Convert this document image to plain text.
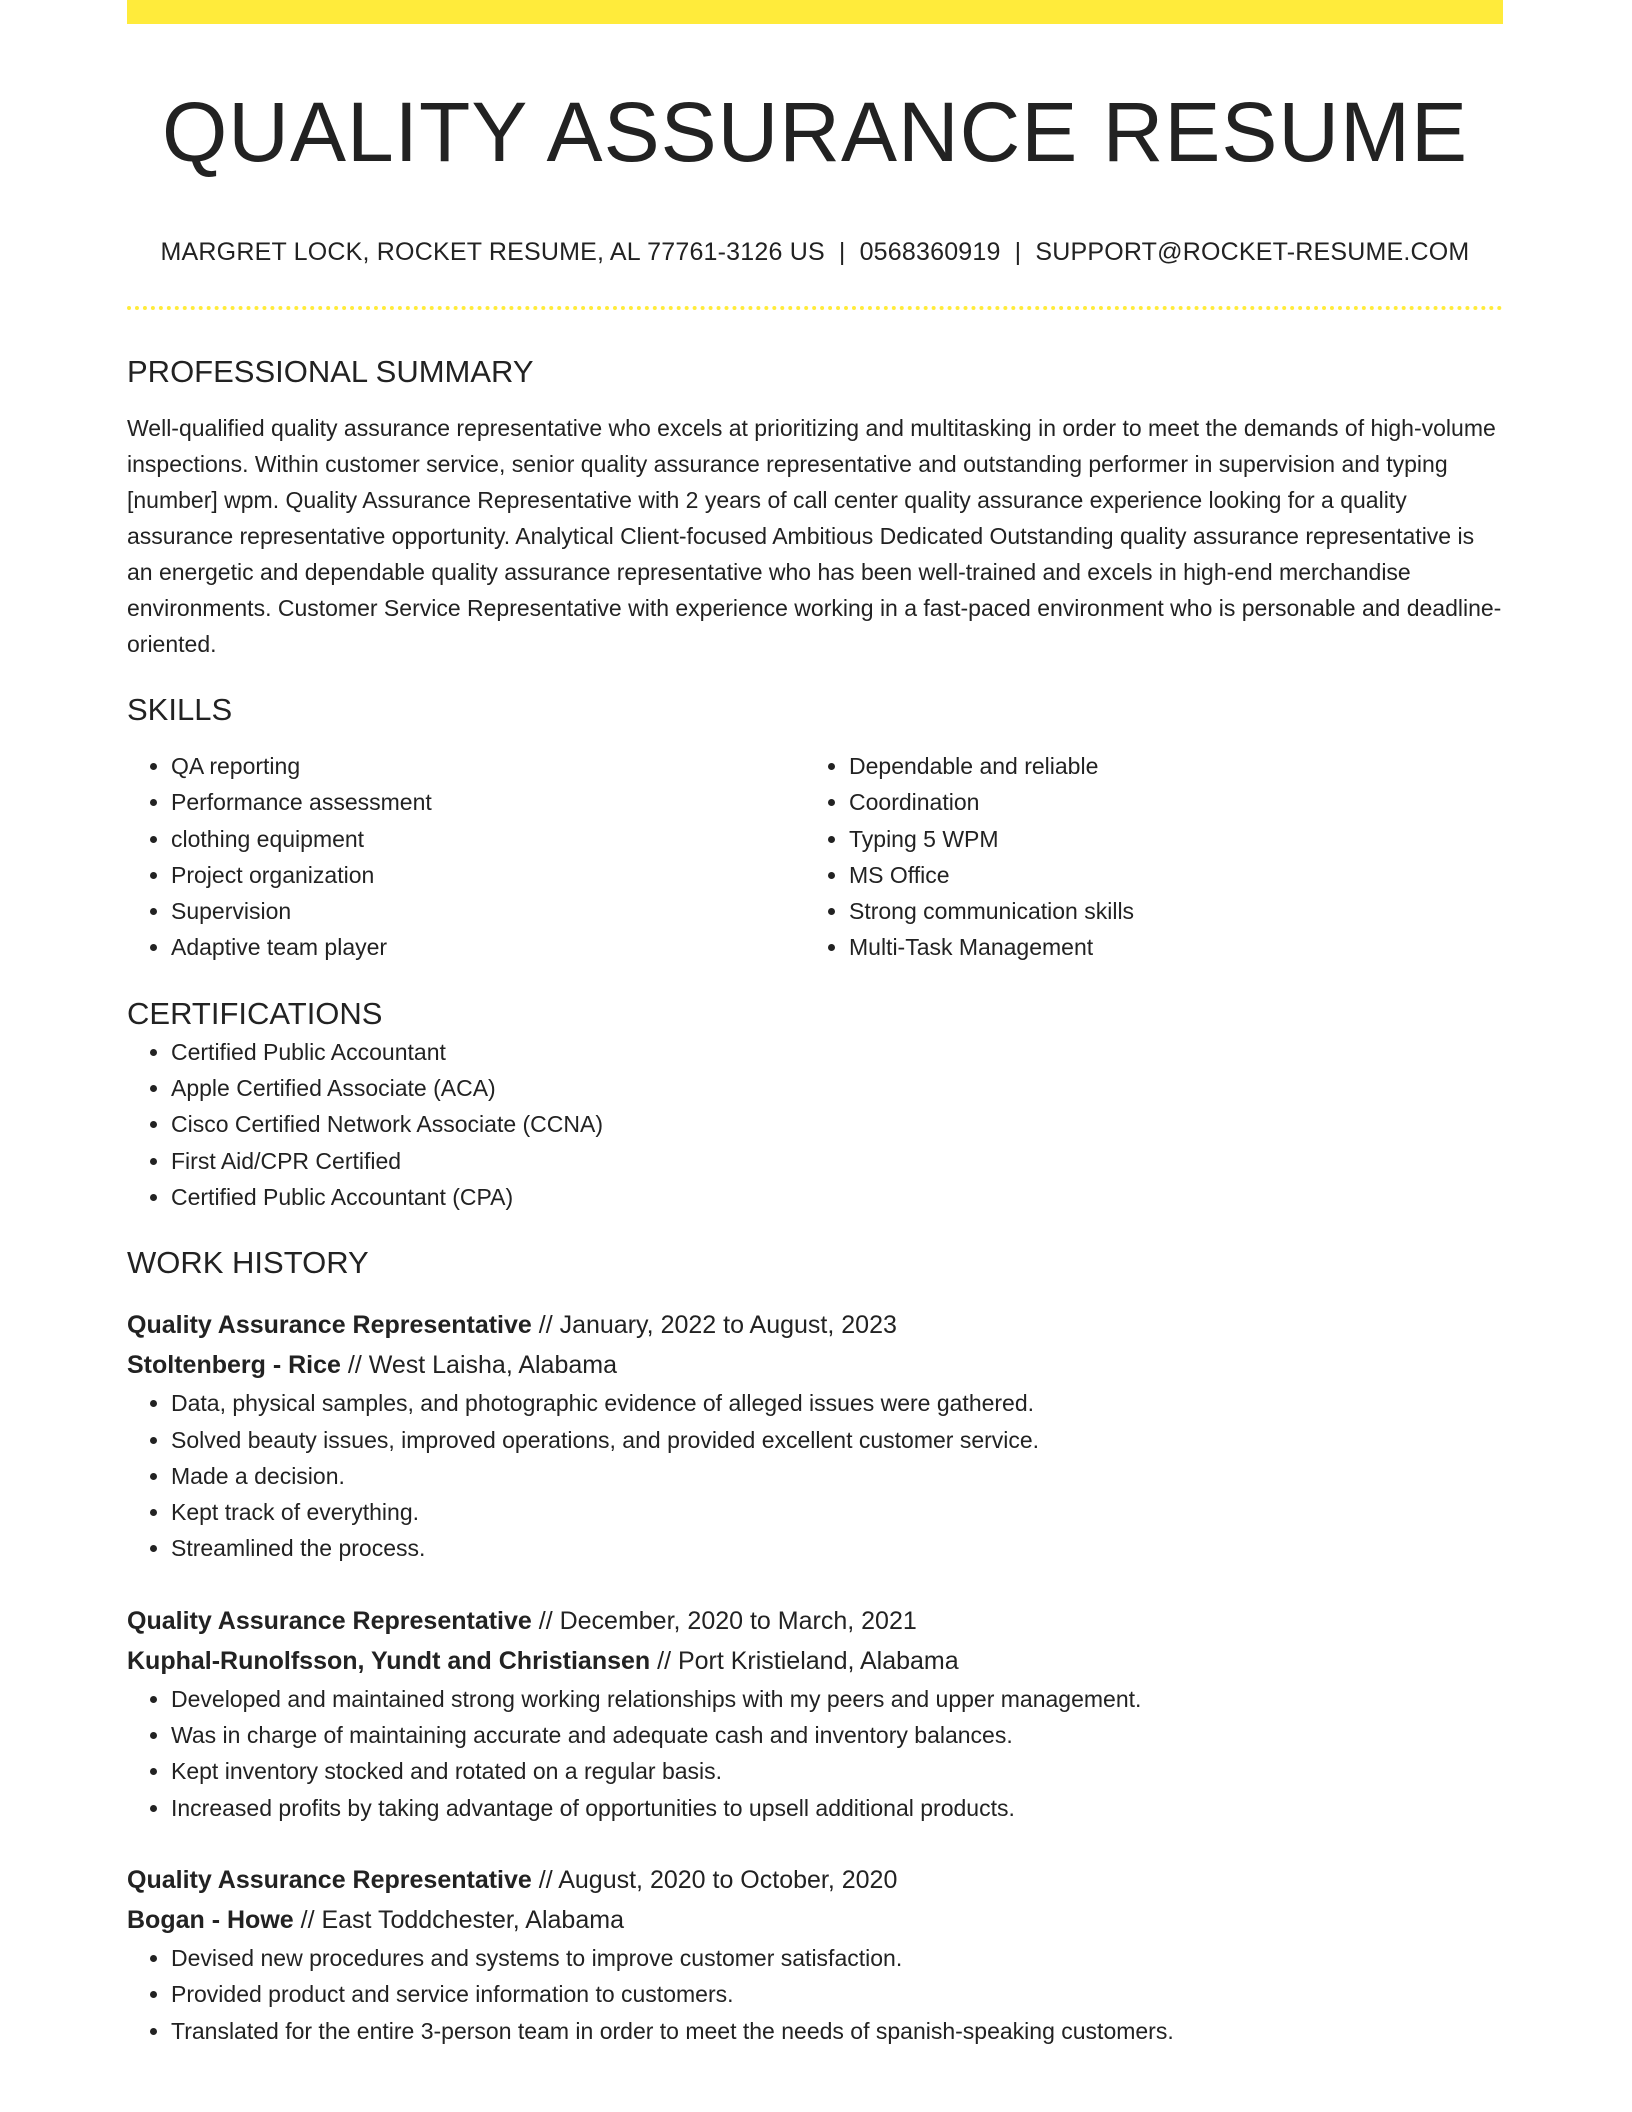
QUALITY ASSURANCE RESUME
MARGRET LOCK, ROCKET RESUME, AL 77761-3126 US | 0568360919 | SUPPORT@ROCKET-RESUME.COM
PROFESSIONAL SUMMARY
Well-qualified quality assurance representative who excels at prioritizing and multitasking in order to meet the demands of high-volume inspections. Within customer service, senior quality assurance representative and outstanding performer in supervision and typing [number] wpm. Quality Assurance Representative with 2 years of call center quality assurance experience looking for a quality assurance representative opportunity. Analytical Client-focused Ambitious Dedicated Outstanding quality assurance representative is an energetic and dependable quality assurance representative who has been well-trained and excels in high-end merchandise environments. Customer Service Representative with experience working in a fast-paced environment who is personable and deadline-oriented.
SKILLS
• QA reporting
• Performance assessment
• clothing equipment
• Project organization
• Supervision
• Adaptive team player
• Dependable and reliable
• Coordination
• Typing 5 WPM
• MS Office
• Strong communication skills
• Multi-Task Management
CERTIFICATIONS
• Certified Public Accountant
• Apple Certified Associate (ACA)
• Cisco Certified Network Associate (CCNA)
• First Aid/CPR Certified
• Certified Public Accountant (CPA)
WORK HISTORY
Quality Assurance Representative // January, 2022 to August, 2023
Stoltenberg - Rice // West Laisha, Alabama
• Data, physical samples, and photographic evidence of alleged issues were gathered.
• Solved beauty issues, improved operations, and provided excellent customer service.
• Made a decision.
• Kept track of everything.
• Streamlined the process.
Quality Assurance Representative // December, 2020 to March, 2021
Kuphal-Runolfsson, Yundt and Christiansen // Port Kristieland, Alabama
• Developed and maintained strong working relationships with my peers and upper management.
• Was in charge of maintaining accurate and adequate cash and inventory balances.
• Kept inventory stocked and rotated on a regular basis.
• Increased profits by taking advantage of opportunities to upsell additional products.
Quality Assurance Representative // August, 2020 to October, 2020
Bogan - Howe // East Toddchester, Alabama
• Devised new procedures and systems to improve customer satisfaction.
• Provided product and service information to customers.
• Translated for the entire 3-person team in order to meet the needs of spanish-speaking customers.
